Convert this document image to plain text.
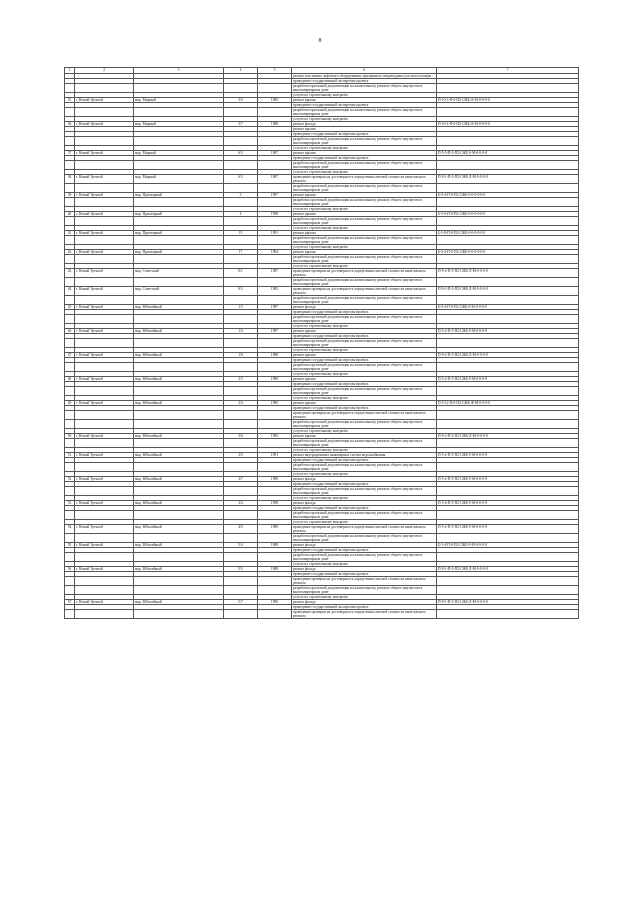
8
1	2	3	4	5	6	7
					ремонт или замена лифтового оборудования, признанного непригодным для эксплуатации	
					проведение государственной экспертизы проекта	
					разработка проектной документации на капитальному ремонту общего имущества в многоквартирном доме	
					услуги по строительному контролю	
35	г. Новый Уренгой	мкр. Мирный	3/5	1985	ремонт крыши	П-10-3-П-0-П2-СЖБ-Л-М-0-0-0-0
					проведение государственной экспертизы проекта	
					разработка проектной документации на капитальному ремонту общего имущества в многоквартирном доме	
					услуги по строительному контролю	
36	г. Новый Уренгой	мкр. Мирный	3/7	1988	ремонт фасада	П-10-4-П-0-П2-СЖБ-Л-М-0-0-0-0
					ремонт крыши	
					проведение государственной экспертизы проекта	
					разработка проектной документации на капитальному ремонту общего имущества в многоквартирном доме	
					услуги по строительному контролю	
37	г. Новый Уренгой	мкр. Мирный	6/3	1987	ремонт крыши	П-5-5-П-0-П2-СЖБ-0-М-0-0-0-0
					проведение государственной экспертизы проекта	
					разработка проектной документации на капитальному ремонту общего имущества в многоквартирном доме	
					услуги по строительному контролю	
38	г. Новый Уренгой	мкр. Мирный	6/3	1987	проведение проверки на достоверность определения сметной стоимости капитального ремонта	П-9-1-П-0-П2-СЖБ-Л-М-0-0-0-0
					разработка проектной документации на капитальному ремонту общего имущества в многоквартирном доме	
39	г. Новый Уренгой	мкр. Приозерный	3	1997	ремонт крыши	Б-5-4-П-0-П2-СЖБ-0-0-0-0-0-0
					разработка проектной документации на капитальному ремонту общего имущества в многоквартирном доме	
					услуги по строительному контролю	
40	г. Новый Уренгой	мкр. Приозерный	4	1998	ремонт крыши	Б-5-6-П-0-П2-СЖБ-0-0-0-0-0-0
					разработка проектной документации на капитальному ремонту общего имущества в многоквартирном доме	
					услуги по строительному контролю	
41	г. Новый Уренгой	мкр. Приозерный	15	1991	ремонт крыши	Б-5-8-П-0-П2-СЖБ-0-0-0-0-0-0
					разработка проектной документации на капитальному ремонту общего имущества в многоквартирном доме	
					услуги по строительному контролю	
42	г. Новый Уренгой	мкр. Приозерный	17	1994	ремонт крыши	Б-5-2-П-0-П2-СЖБ-0-0-0-0-0-0
					разработка проектной документации на капитальному ремонту общего имущества в многоквартирном доме	
					услуги по строительному контролю	
43	г. Новый Уренгой	мкр. Советский	8/1	1987	проведение проверки на достоверность определения сметной стоимости капитального ремонта	П-9-2-П-0-П2-СЖБ-Л-М-0-0-0-0
					разработка проектной документации на капитальному ремонту общего имущества в многоквартирном доме	
44	г. Новый Уренгой	мкр. Советский	9/3	1983	проведение проверки на достоверность определения сметной стоимости капитального ремонта	П-9-2-П-0-П2-СЖБ-Л-М-0-0-0-0
					разработка проектной документации на капитальному ремонту общего имущества в многоквартирном доме	
45	г. Новый Уренгой	мкр. Юбилейный	1/3	1987	ремонт фасада	Б-5-4-П-0-П2-СЖБ-0-М-0-0-0-0
					проведение государственной экспертизы проекта	
					разработка проектной документации на капитальному ремонту общего имущества в многоквартирном доме	
					услуги по строительному контролю	
46	г. Новый Уренгой	мкр. Юбилейный	1/4	1987	ремонт крыши	П-5-2-П-0-П2-СЖБ-0-М-0-0-0-0
					проведение государственной экспертизы проекта	
					разработка проектной документации на капитальному ремонту общего имущества в многоквартирном доме	
					услуги по строительному контролю	
47	г. Новый Уренгой	мкр. Юбилейный	1/6	1988	ремонт крыши	П-9-2-П-0-П2-СЖБ-Л-М-0-0-0-0
					проведение государственной экспертизы проекта	
					разработка проектной документации на капитальному ремонту общего имущества в многоквартирном доме	
					услуги по строительному контролю	
48	г. Новый Уренгой	мкр. Юбилейный	2/3	1989	ремонт крыши	П-5-2-П-0-П2-СЖБ-0-М-0-0-0-0
					проведение государственной экспертизы проекта	
					разработка проектной документации на капитальному ремонту общего имущества в многоквартирном доме	
					услуги по строительному контролю	
49	г. Новый Уренгой	мкр. Юбилейный	2/4	1985	ремонт крыши	П-5-12-П-0-П2-СЖБ-Ф-М-0-0-0-0
					проведение государственной экспертизы проекта	
					проведение проверки на достоверность определения сметной стоимости капитального ремонта	
					разработка проектной документации на капитальному ремонту общего имущества в многоквартирном доме	
					услуги по строительному контролю	
50	г. Новый Уренгой	мкр. Юбилейный	2/6	1995	ремонт крыши	П-9-2-П-0-П2-СЖБ-Л-М-0-0-0-0
					разработка проектной документации на капитальному ремонту общего имущества в многоквартирном доме	
					услуги по строительному контролю	
51	г. Новый Уренгой	мкр. Юбилейный	2/5	1991	ремонт внутридомовых инженерных систем водоснабжения	П-5-2-П-0-П2-СЖБ-0-М-0-0-0-0
					проведение государственной экспертизы проекта	
					разработка проектной документации на капитальному ремонту общего имущества в многоквартирном доме	
					услуги по строительному контролю	
52	г. Новый Уренгой	мкр. Юбилейный	3/7	1990	ремонт фасада	П-5-2-П-0-П2-СЖБ-0-М-0-0-0-0
					проведение государственной экспертизы проекта	
					разработка проектной документации на капитальному ремонту общего имущества в многоквартирном доме	
					услуги по строительному контролю	
53	г. Новый Уренгой	мкр. Юбилейный	3/4	1998	ремонт фасада	П-5-4-П-0-П2-СЖБ-0-М-0-0-0-0
					проведение государственной экспертизы проекта	
					разработка проектной документации на капитальному ремонту общего имущества в многоквартирном доме	
					услуги по строительному контролю	
54	г. Новый Уренгой	мкр. Юбилейный	4/5	1989	проведение проверки на достоверность определения сметной стоимости капитального ремонта	П-5-2-П-0-П2-СЖБ-0-М-0-0-0-0
					разработка проектной документации на капитальному ремонту общего имущества в многоквартирном доме	
55	г. Новый Уренгой	мкр. Юбилейный	5/4	1988	ремонт фасада	Б-5-4-П-0-П2-СЖБ-0-М-0-0-0-0
					проведение государственной экспертизы проекта	
					разработка проектной документации на капитальному ремонту общего имущества в многоквартирном доме	
					услуги по строительному контролю	
56	г. Новый Уренгой	мкр. Юбилейный	5/5	1988	ремонт фасада	П-9-1-П-0-П2-СЖБ-Л-М-0-0-0-0
					проведение государственной экспертизы проекта	
					проведение проверки на достоверность определения сметной стоимости капитального ремонта	
					разработка проектной документации на капитальному ремонту общего имущества в многоквартирном доме	
					услуги по строительному контролю	
57	г. Новый Уренгой	мкр. Юбилейный	5/7	1990	ремонт фасада	П-9-1-П-0-П2-СЖБ-Л-М-0-0-0-0
					проведение государственной экспертизы проекта	
					проведение проверки на достоверность определения сметной стоимости капитального ремонта	
